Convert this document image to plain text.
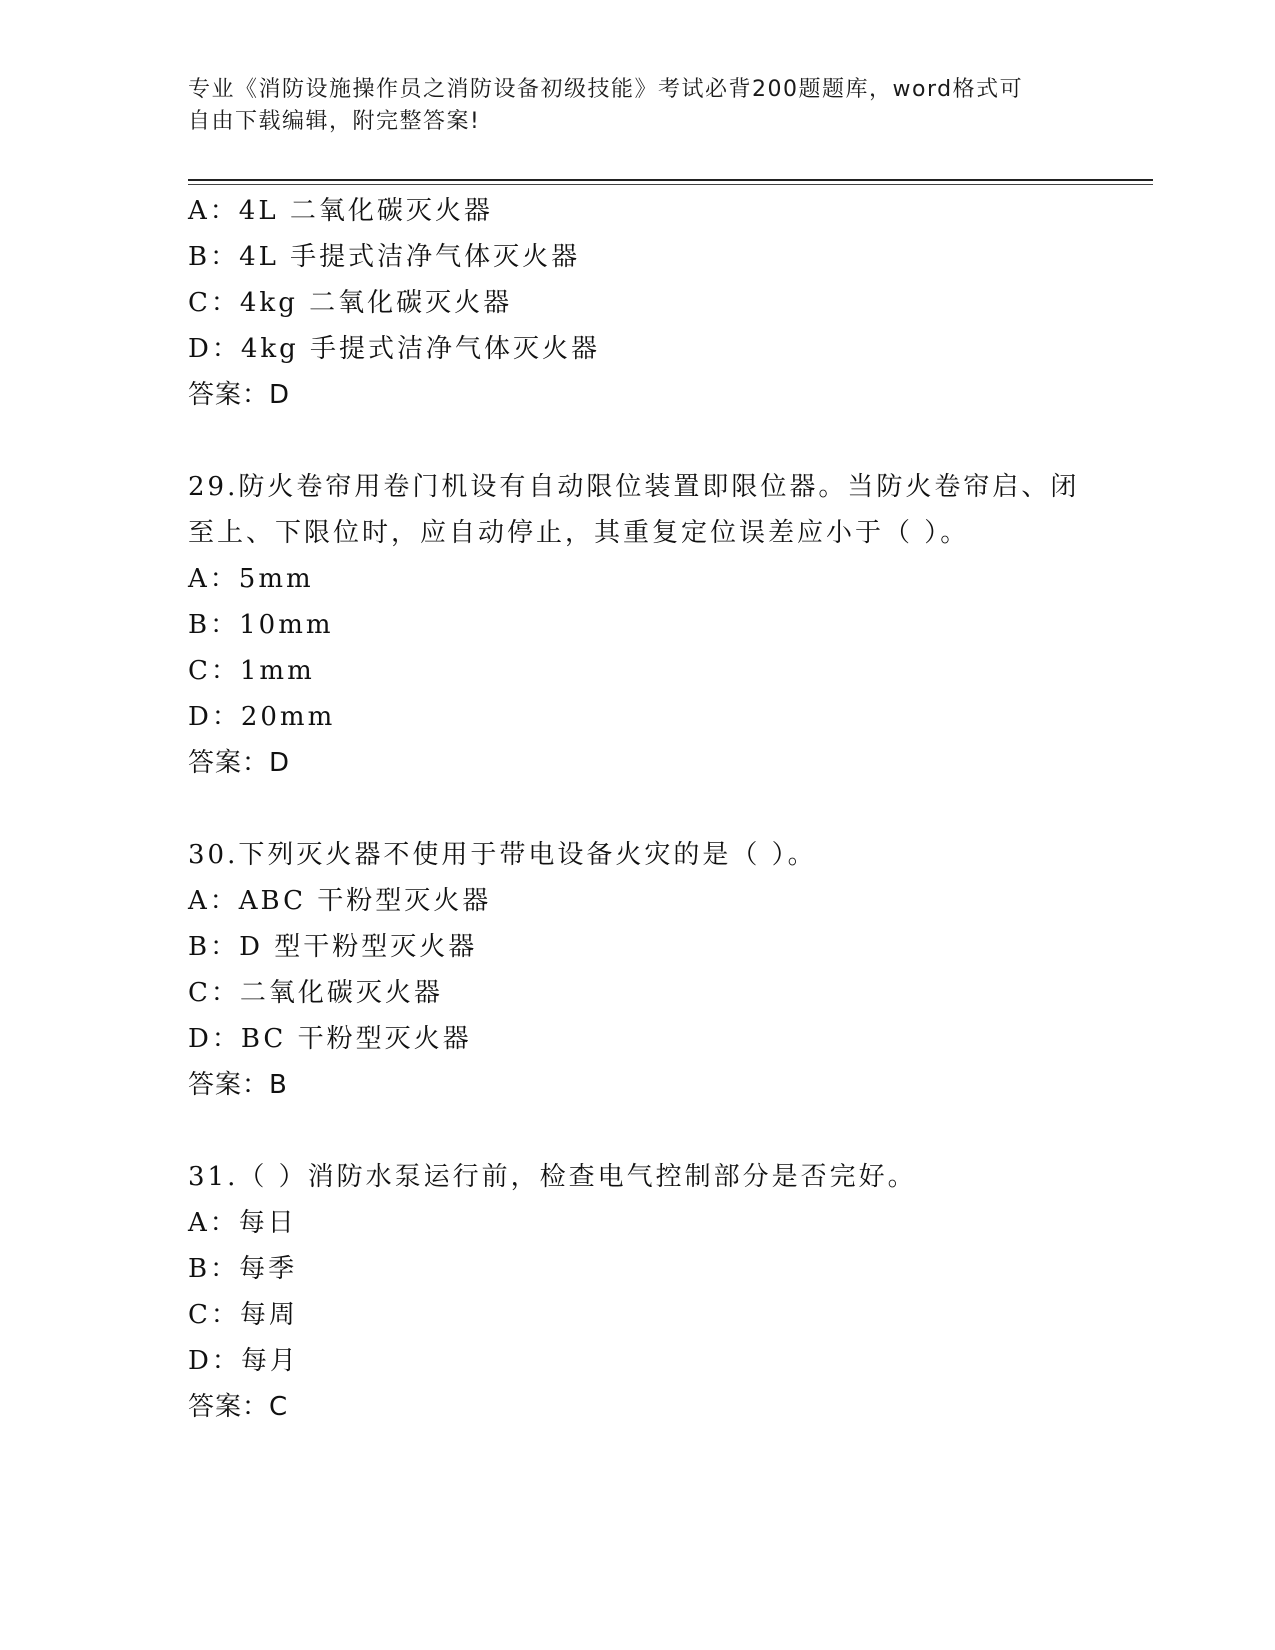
专业《消防设施操作员之消防设备初级技能》考试必背200题题库，word格式可
自由下载编辑，附完整答案!
A：4L 二氧化碳灭火器
B：4L 手提式洁净气体灭火器
C：4kg 二氧化碳灭火器
D：4kg 手提式洁净气体灭火器
答案：D
29.防火卷帘用卷门机设有自动限位装置即限位器。当防火卷帘启、闭
至上、下限位时，应自动停止，其重复定位误差应小于（ ）。
A：5mm
B：10mm
C：1mm
D：20mm
答案：D
30.下列灭火器不使用于带电设备火灾的是（ ）。
A：ABC 干粉型灭火器
B：D 型干粉型灭火器
C：二氧化碳灭火器
D：BC 干粉型灭火器
答案：B
31.（ ）消防水泵运行前，检查电气控制部分是否完好。
A：每日
B：每季
C：每周
D：每月
答案：C
